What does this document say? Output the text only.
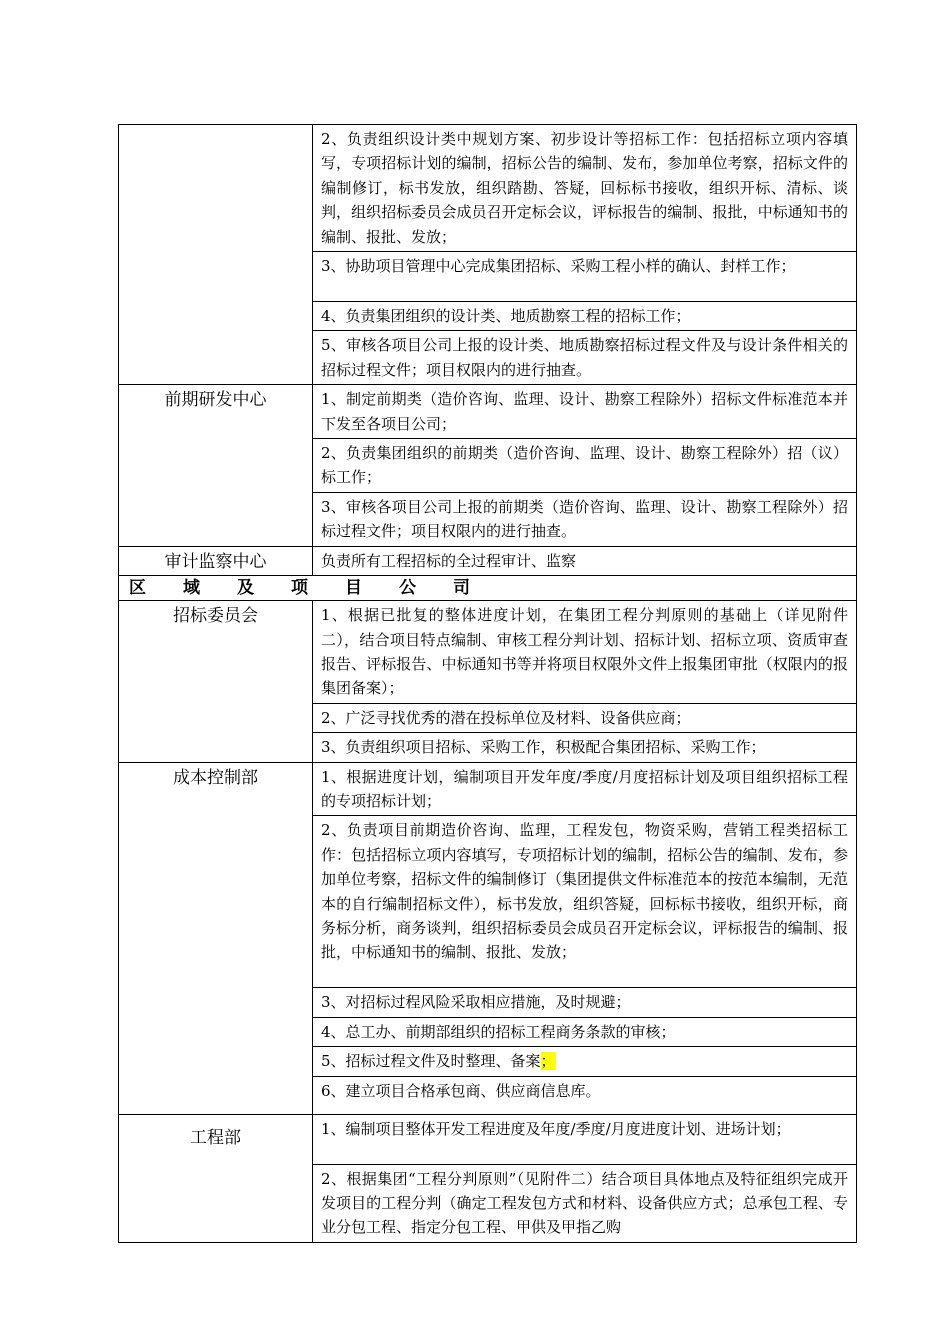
	2、负责组织设计类中规划方案、初步设计等招标工作：包括招标立项内容填写，专项招标计划的编制，招标公告的编制、发布，参加单位考察，招标文件的编制修订，标书发放，组织踏勘、答疑，回标标书接收，组织开标、清标、谈判，组织招标委员会成员召开定标会议，评标报告的编制、报批，中标通知书的编制、报批、发放；
	3、协助项目管理中心完成集团招标、采购工程小样的确认、封样工作；
	4、负责集团组织的设计类、地质勘察工程的招标工作；
	5、审核各项目公司上报的设计类、地质勘察招标过程文件及与设计条件相关的招标过程文件；项目权限内的进行抽查。
前期研发中心	1、制定前期类（造价咨询、监理、设计、勘察工程除外）招标文件标准范本并下发至各项目公司；
	2、负责集团组织的前期类（造价咨询、监理、设计、勘察工程除外）招（议）标工作；
	3、审核各项目公司上报的前期类（造价咨询、监理、设计、勘察工程除外）招标过程文件；项目权限内的进行抽查。
审计监察中心	负责所有工程招标的全过程审计、监察
区域及项目公司	
招标委员会	1、根据已批复的整体进度计划，在集团工程分判原则的基础上（详见附件二），结合项目特点编制、审核工程分判计划、招标计划、招标立项、资质审查报告、评标报告、中标通知书等并将项目权限外文件上报集团审批（权限内的报集团备案）；
	2、广泛寻找优秀的潜在投标单位及材料、设备供应商；
	3、负责组织项目招标、采购工作，积极配合集团招标、采购工作；
成本控制部	1、根据进度计划，编制项目开发年度/季度/月度招标计划及项目组织招标工程的专项招标计划；
	2、负责项目前期造价咨询、监理，工程发包，物资采购，营销工程类招标工作：包括招标立项内容填写，专项招标计划的编制，招标公告的编制、发布，参加单位考察，招标文件的编制修订（集团提供文件标准范本的按范本编制，无范本的自行编制招标文件），标书发放，组织答疑，回标标书接收，组织开标，商务标分析，商务谈判，组织招标委员会成员召开定标会议，评标报告的编制、报批，中标通知书的编制、报批、发放；
	3、对招标过程风险采取相应措施，及时规避；
	4、总工办、前期部组织的招标工程商务条款的审核；
	5、招标过程文件及时整理、备案；
	6、建立项目合格承包商、供应商信息库。

工程部	1、编制项目整体开发工程进度及年度/季度/月度进度计划、进场计划；
	2、根据集团“工程分判原则”（见附件二）结合项目具体地点及特征组织完成开发项目的工程分判（确定工程发包方式和材料、设备供应方式；总承包工程、专业分包工程、指定分包工程、甲供及甲指乙购
